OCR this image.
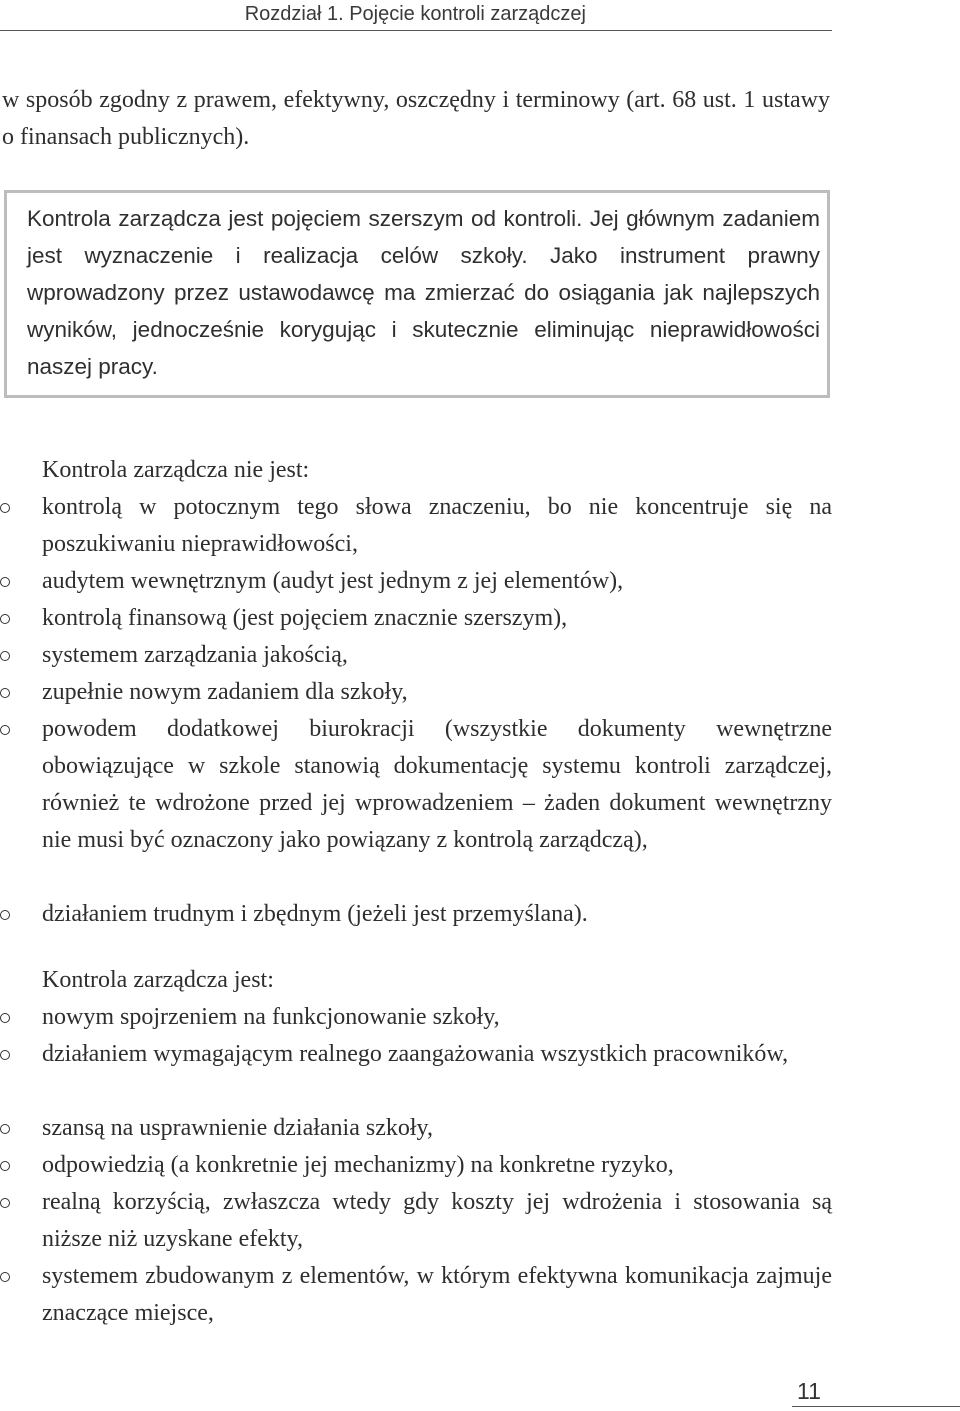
Rozdział 1. Pojęcie kontroli zarządczej

w sposób zgodny z prawem, efektywny, oszczędny i terminowy (art. 68 ust. 1 ustawy o finansach publicznych).

Kontrola zarządcza jest pojęciem szerszym od kontroli. Jej głównym zadaniem jest wyznaczenie i realizacja celów szkoły. Jako instrument prawny wprowadzony przez ustawodawcę ma zmierzać do osiągania jak najlepszych wyników, jednocześnie korygując i skutecznie eliminując nieprawidłowości naszej pracy.

Kontrola zarządcza nie jest:

kontrolą w potocznym tego słowa znaczeniu, bo nie koncentruje się na poszukiwaniu nieprawidłowości,

audytem wewnętrznym (audyt jest jednym z jej elementów),

kontrolą finansową (jest pojęciem znacznie szerszym),

systemem zarządzania jakością,

zupełnie nowym zadaniem dla szkoły,

powodem dodatkowej biurokracji (wszystkie dokumenty wewnętrzne obowiązujące w szkole stanowią dokumentację systemu kontroli zarządczej, również te wdrożone przed jej wprowadzeniem – żaden dokument wewnętrzny nie musi być oznaczony jako powiązany z kontrolą zarządczą),

działaniem trudnym i zbędnym (jeżeli jest przemyślana).

Kontrola zarządcza jest:

nowym spojrzeniem na funkcjonowanie szkoły,

działaniem wymagającym realnego zaangażowania wszystkich pracowników,

szansą na usprawnienie działania szkoły,

odpowiedzią (a konkretnie jej mechanizmy) na konkretne ryzyko,

realną korzyścią, zwłaszcza wtedy gdy koszty jej wdrożenia i stosowania są niższe niż uzyskane efekty,

systemem zbudowanym z elementów, w którym efektywna komunikacja zajmuje znaczące miejsce,

11
